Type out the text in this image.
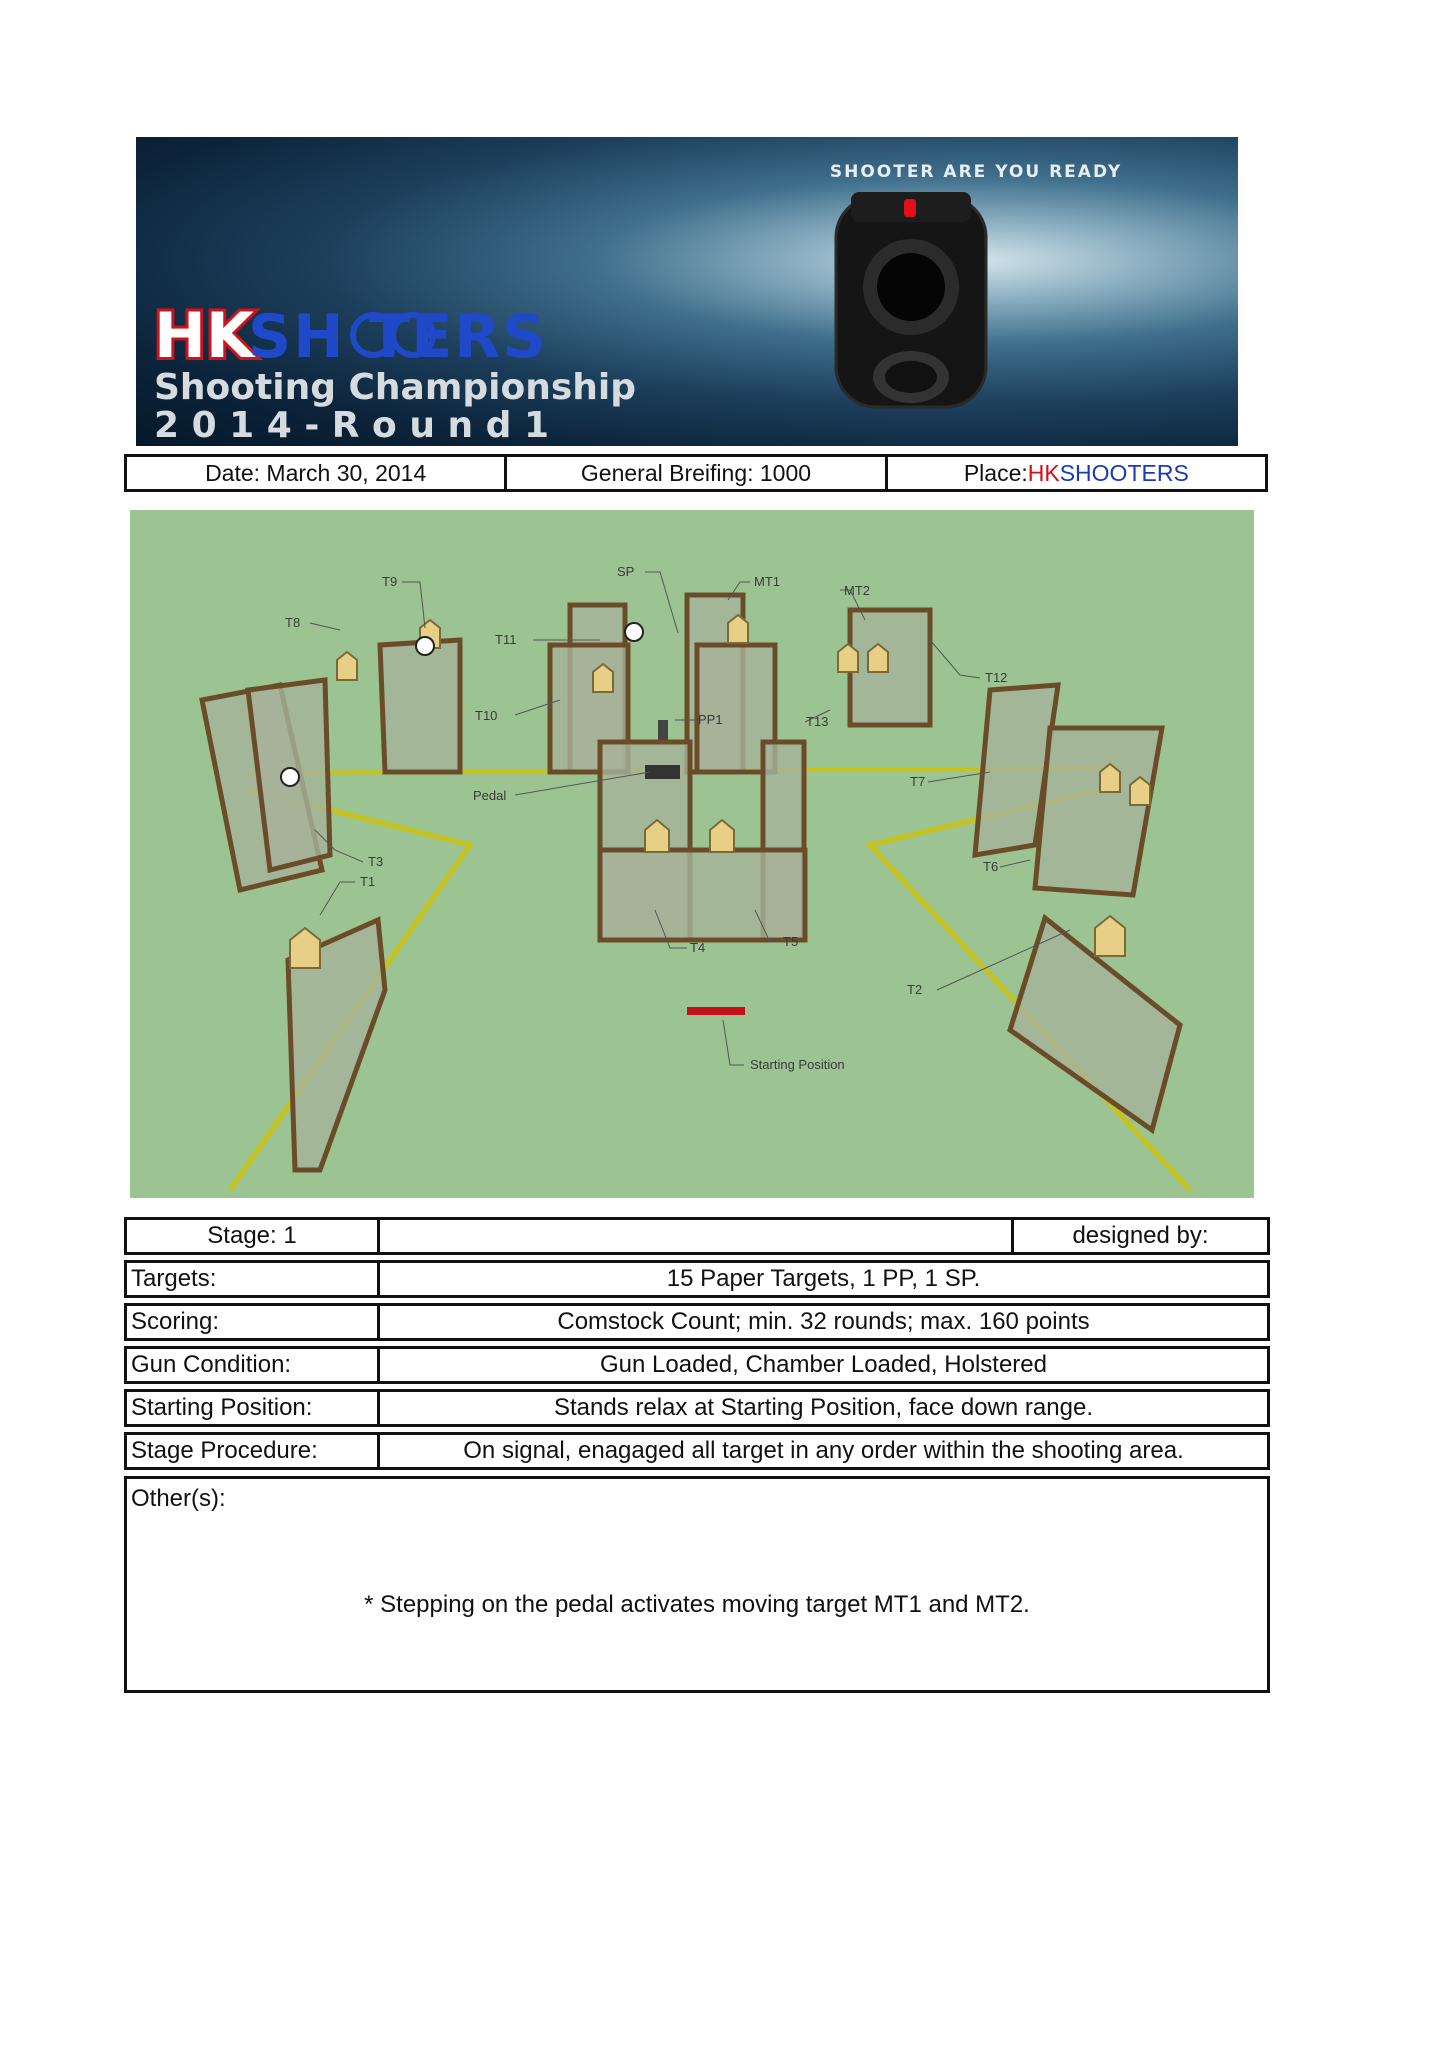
SHOOTER ARE YOU READY
HK
SH TERS
Shooting Championship
2 0 1 4 - R o u n d 1
Date: March 30, 2014	General Breifing: 1000	Place: HK SHOOTERS
T9
T8
T11
T10
SP
MT1
MT2
T12
PP1	T13
T7
Pedal
T3
T1
T6
T4	T5
T2
Starting Position
Stage: 1	designed by:
Targets:	15 Paper Targets, 1 PP, 1 SP.
Scoring:	Comstock Count; min. 32 rounds; max. 160 points
Gun Condition:	Gun Loaded, Chamber Loaded, Holstered
Starting Position:	Stands relax at Starting Position, face down range.
Stage Procedure:	On signal, enagaged all target in any order within the shooting area.
Other(s):
* Stepping on the pedal activates moving target MT1 and MT2.
